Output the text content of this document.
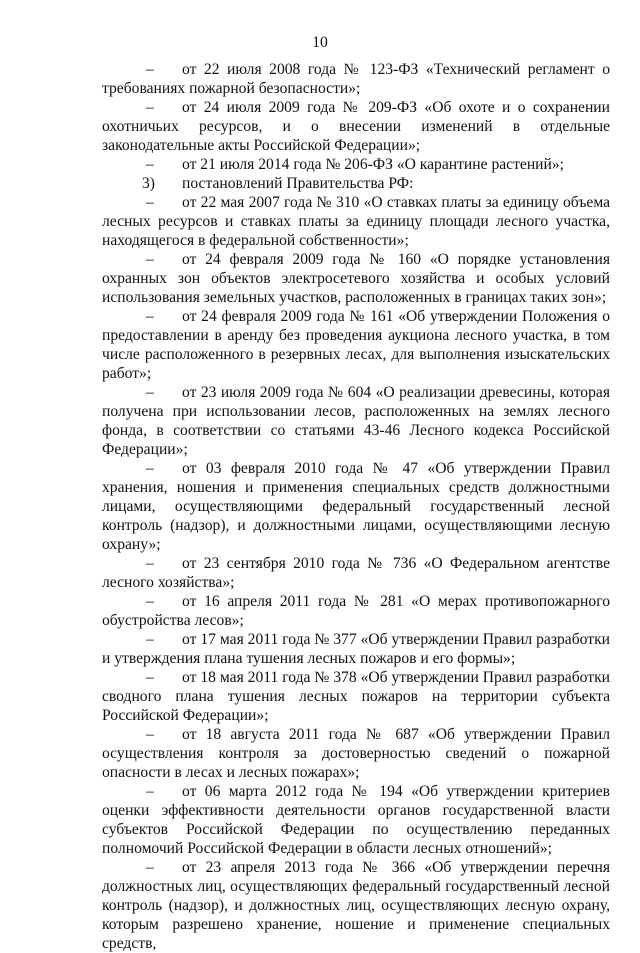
10

– от 22 июля 2008 года № 123-ФЗ «Технический регламент о требованиях пожарной безопасности»;

– от 24 июля 2009 года № 209-ФЗ «Об охоте и о сохранении охотничьих ресурсов, и о внесении изменений в отдельные законодательные акты Российской Федерации»;

– от 21 июля 2014 года № 206-ФЗ «О карантине растений»;

3) постановлений Правительства РФ:

– от 22 мая 2007 года № 310 «О ставках платы за единицу объема лесных ресурсов и ставках платы за единицу площади лесного участка, находящегося в федеральной собственности»;

– от 24 февраля 2009 года № 160 «О порядке установления охранных зон объектов электросетевого хозяйства и особых условий использования земельных участков, расположенных в границах таких зон»;

– от 24 февраля 2009 года № 161 «Об утверждении Положения о предоставлении в аренду без проведения аукциона лесного участка, в том числе расположенного в резервных лесах, для выполнения изыскательских работ»;

– от 23 июля 2009 года № 604 «О реализации древесины, которая получена при использовании лесов, расположенных на землях лесного фонда, в соответствии со статьями 43-46 Лесного кодекса Российской Федерации»;

– от 03 февраля 2010 года № 47 «Об утверждении Правил хранения, ношения и применения специальных средств должностными лицами, осуществляющими федеральный государственный лесной контроль (надзор), и должностными лицами, осуществляющими лесную охрану»;

– от 23 сентября 2010 года № 736 «О Федеральном агентстве лесного хозяйства»;

– от 16 апреля 2011 года № 281 «О мерах противопожарного обустройства лесов»;

– от 17 мая 2011 года № 377 «Об утверждении Правил разработки и утверждения плана тушения лесных пожаров и его формы»;

– от 18 мая 2011 года № 378 «Об утверждении Правил разработки сводного плана тушения лесных пожаров на территории субъекта Российской Федерации»;

– от 18 августа 2011 года № 687 «Об утверждении Правил осуществления контроля за достоверностью сведений о пожарной опасности в лесах и лесных пожарах»;

– от 06 марта 2012 года № 194 «Об утверждении критериев оценки эффективности деятельности органов государственной власти субъектов Российской Федерации по осуществлению переданных полномочий Российской Федерации в области лесных отношений»;

– от 23 апреля 2013 года № 366 «Об утверждении перечня должностных лиц, осуществляющих федеральный государственный лесной контроль (надзор), и должностных лиц, осуществляющих лесную охрану, которым разрешено хранение, ношение и применение специальных средств,
